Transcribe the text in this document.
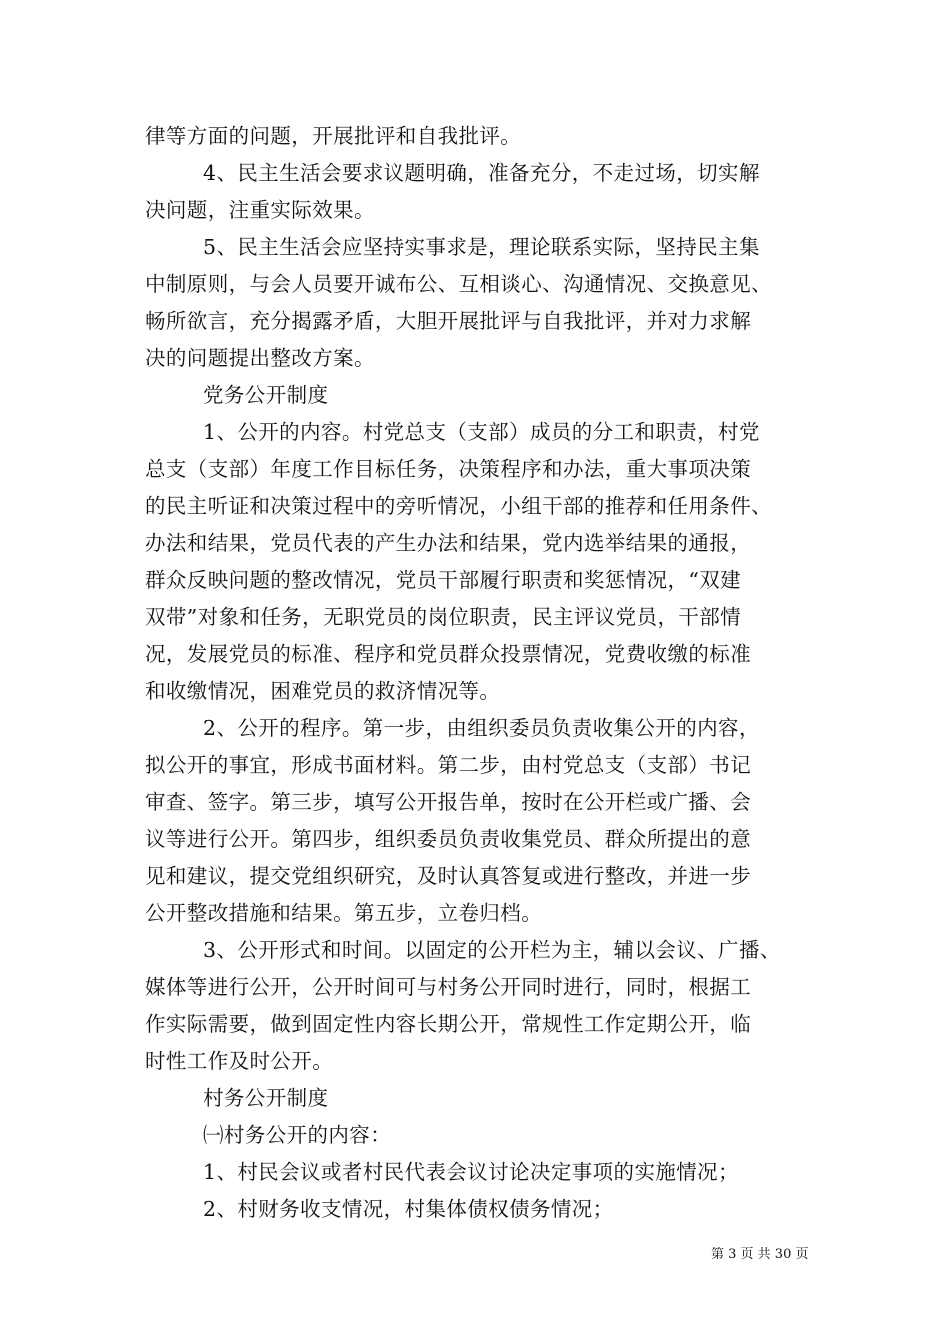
律等方面的问题，开展批评和自我批评。
4、民主生活会要求议题明确，准备充分，不走过场，切实解
决问题，注重实际效果。
5、民主生活会应坚持实事求是，理论联系实际，坚持民主集
中制原则，与会人员要开诚布公、互相谈心、沟通情况、交换意见、
畅所欲言，充分揭露矛盾，大胆开展批评与自我批评，并对力求解
决的问题提出整改方案。
党务公开制度
1、公开的内容。村党总支（支部）成员的分工和职责，村党
总支（支部）年度工作目标任务，决策程序和办法，重大事项决策
的民主听证和决策过程中的旁听情况，小组干部的推荐和任用条件、
办法和结果，党员代表的产生办法和结果，党内选举结果的通报，
群众反映问题的整改情况，党员干部履行职责和奖惩情况，“双建
双带”对象和任务，无职党员的岗位职责，民主评议党员，干部情
况，发展党员的标准、程序和党员群众投票情况，党费收缴的标准
和收缴情况，困难党员的救济情况等。
2、公开的程序。第一步，由组织委员负责收集公开的内容，
拟公开的事宜，形成书面材料。第二步，由村党总支（支部）书记
审查、签字。第三步，填写公开报告单，按时在公开栏或广播、会
议等进行公开。第四步，组织委员负责收集党员、群众所提出的意
见和建议，提交党组织研究，及时认真答复或进行整改，并进一步
公开整改措施和结果。第五步，立卷归档。
3、公开形式和时间。以固定的公开栏为主，辅以会议、广播、
媒体等进行公开，公开时间可与村务公开同时进行，同时，根据工
作实际需要，做到固定性内容长期公开，常规性工作定期公开，临
时性工作及时公开。
村务公开制度
㈠村务公开的内容：
1、村民会议或者村民代表会议讨论决定事项的实施情况；
2、村财务收支情况，村集体债权债务情况；
第 3 页 共 30 页
